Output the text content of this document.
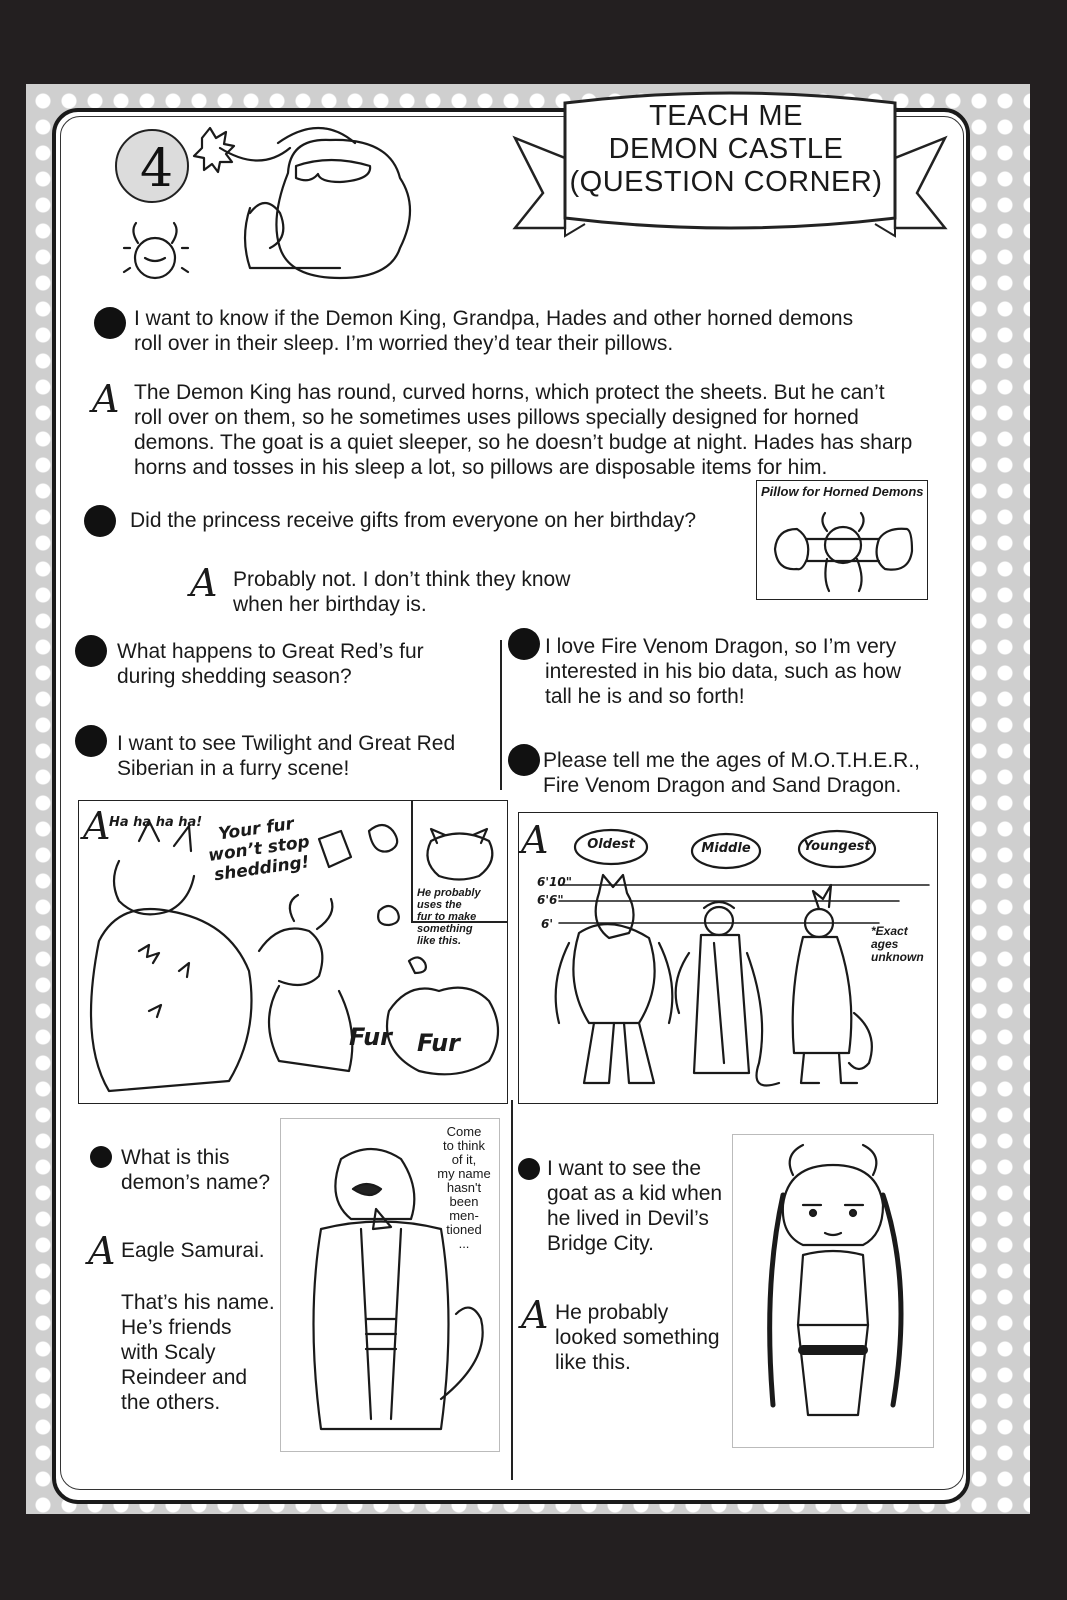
4
TEACH ME
DEMON CASTLE
(QUESTION CORNER)
I want to know if the Demon King, Grandpa, Hades and other horned demons
roll over in their sleep. I’m worried they’d tear their pillows.
A The Demon King has round, curved horns, which protect the sheets. But he can’t
roll over on them, so he sometimes uses pillows specially designed for horned
demons. The goat is a quiet sleeper, so he doesn’t budge at night. Hades has sharp
horns and tosses in his sleep a lot, so pillows are disposable items for him.
Pillow for Horned Demons
Did the princess receive gifts from everyone on her birthday?
A Probably not. I don’t think they know
when her birthday is.
What happens to Great Red’s fur
during shedding season?
I want to see Twilight and Great Red
Siberian in a furry scene!
I love Fire Venom Dragon, so I’m very
interested in his bio data, such as how
tall he is and so forth!
Please tell me the ages of M.O.T.H.E.R.,
Fire Venom Dragon and Sand Dragon.
A
Ha ha ha ha! Your fur
won’t stop
shedding!
He probably
uses the
fur to make
something
like this.
Fur Fur
A	Oldest	Middle	Youngest
6'10"
6'6"
6'	*Exact
ages
unknown
What is this
demon’s name?
A Eagle Samurai.
That’s his name.
He’s friends
with Scaly
Reindeer and
the others.
Come
to think
of it,
my name
hasn't
been
men-
tioned
...
I want to see the
goat as a kid when
he lived in Devil’s
Bridge City.
A He probably
looked something
like this.
